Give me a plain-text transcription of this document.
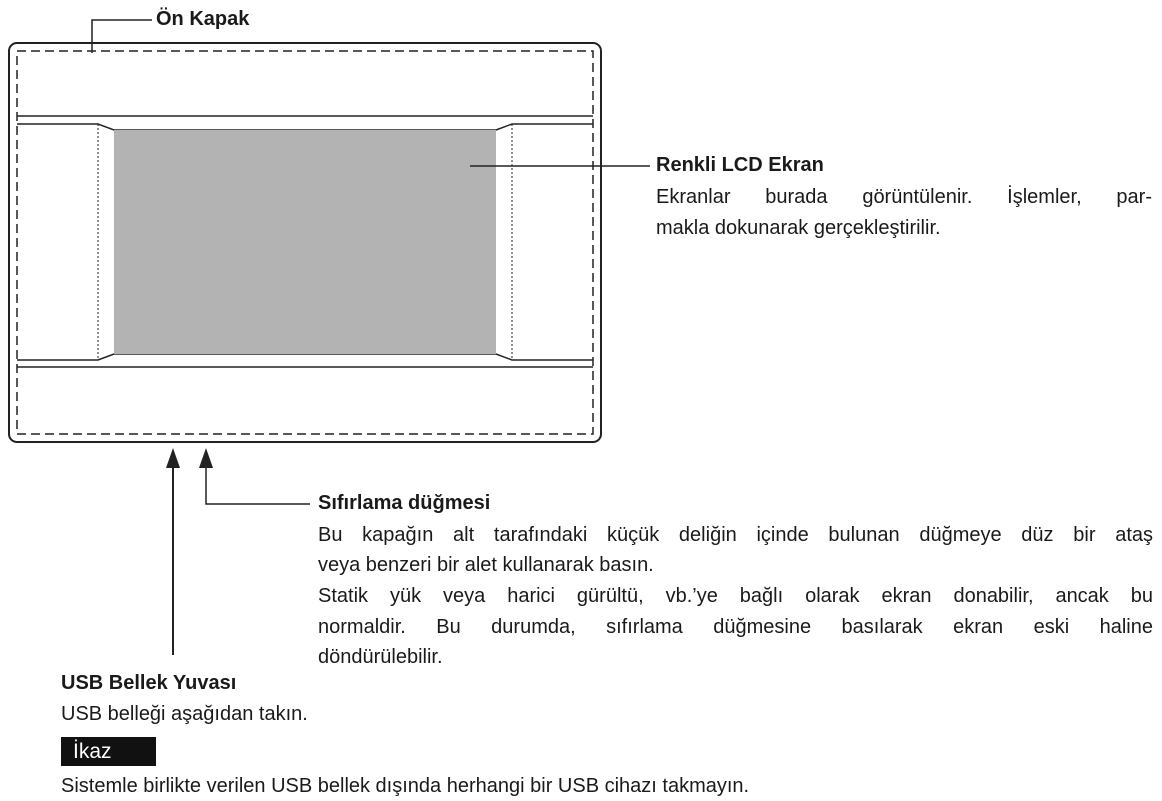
Ön Kapak
Renkli LCD Ekran
Ekranlar burada görüntülenir. İşlemler, par-
makla dokunarak gerçekleştirilir.
Sıfırlama düğmesi
Bu kapağın alt tarafındaki küçük deliğin içinde bulunan düğmeye düz bir ataş
veya benzeri bir alet kullanarak basın.
Statik yük veya harici gürültü, vb.’ye bağlı olarak ekran donabilir, ancak bu
normaldir. Bu durumda, sıfırlama düğmesine basılarak ekran eski haline
döndürülebilir.
USB Bellek Yuvası
USB belleği aşağıdan takın.
İkaz
Sistemle birlikte verilen USB bellek dışında herhangi bir USB cihazı takmayın.
